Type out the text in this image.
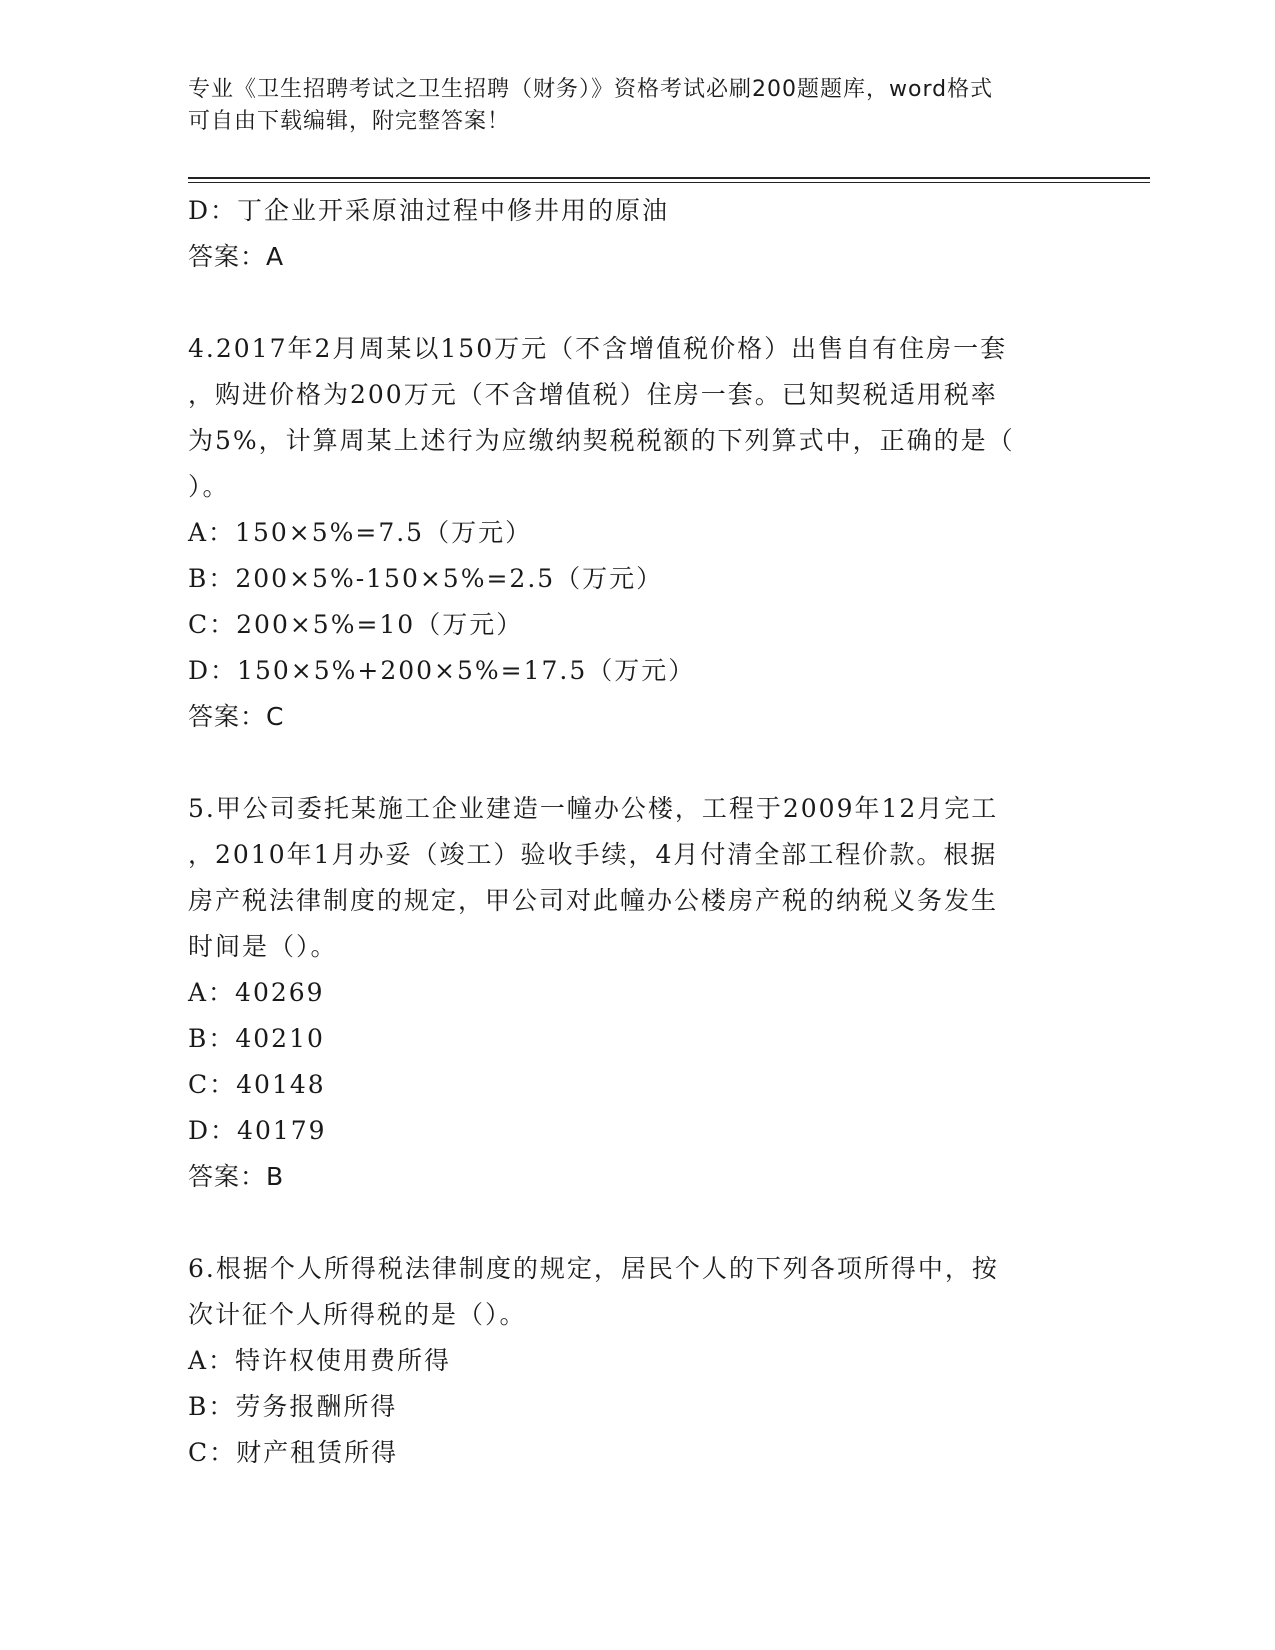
专业《卫生招聘考试之卫生招聘（财务）》资格考试必刷200题题库，word格式
可自由下载编辑，附完整答案！
D：丁企业开采原油过程中修井用的原油
答案：A
4.2017年2月周某以150万元（不含增值税价格）出售自有住房一套
，购进价格为200万元（不含增值税）住房一套。已知契税适用税率
为5%，计算周某上述行为应缴纳契税税额的下列算式中，正确的是（
）。
A：150×5%=7.5（万元）
B：200×5%-150×5%=2.5（万元）
C：200×5%=10（万元）
D：150×5%+200×5%=17.5（万元）
答案：C
5.甲公司委托某施工企业建造一幢办公楼，工程于2009年12月完工
，2010年1月办妥（竣工）验收手续，4月付清全部工程价款。根据
房产税法律制度的规定，甲公司对此幢办公楼房产税的纳税义务发生
时间是（）。
A：40269
B：40210
C：40148
D：40179
答案：B
6.根据个人所得税法律制度的规定，居民个人的下列各项所得中，按
次计征个人所得税的是（）。
A：特许权使用费所得
B：劳务报酬所得
C：财产租赁所得
